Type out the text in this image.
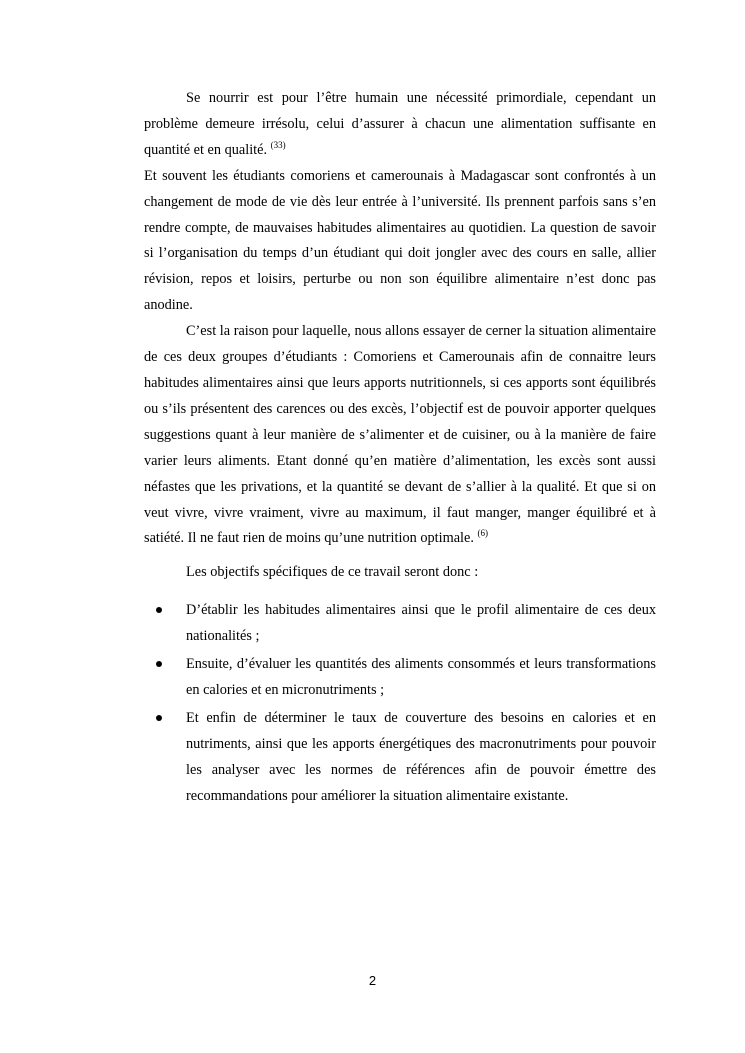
Se nourrir est pour l’être humain une nécessité primordiale, cependant un problème demeure irrésolu, celui d’assurer à chacun une alimentation suffisante en quantité et en qualité. $^{(33)}$

Et souvent les étudiants comoriens et camerounais à Madagascar sont confrontés à un changement de mode de vie dès leur entrée à l’université. Ils prennent parfois sans s’en rendre compte, de mauvaises habitudes alimentaires au quotidien. La question de savoir si l’organisation du temps d’un étudiant qui doit jongler avec des cours en salle, allier révision, repos et loisirs, perturbe ou non son équilibre alimentaire n’est donc pas anodine.

C’est la raison pour laquelle, nous allons essayer de cerner la situation alimentaire de ces deux groupes d’étudiants : Comoriens et Camerounais afin de connaitre leurs habitudes alimentaires ainsi que leurs apports nutritionnels, si ces apports sont équilibrés ou s’ils présentent des carences ou des excès, l’objectif est de pouvoir apporter quelques suggestions quant à leur manière de s’alimenter et de cuisiner, ou à la manière de faire varier leurs aliments. Etant donné qu’en matière d’alimentation, les excès sont aussi néfastes que les privations, et la quantité se devant de s’allier à la qualité. Et que si on veut vivre, vivre vraiment, vivre au maximum, il faut manger, manger équilibré et à satiété. Il ne faut rien de moins qu’une nutrition optimale. $^{(6)}$

Les objectifs spécifiques de ce travail seront donc :

D’établir les habitudes alimentaires ainsi que le profil alimentaire de ces deux nationalités ;
Ensuite, d’évaluer les quantités des aliments consommés et leurs transformations en calories et en micronutriments ;
Et enfin de déterminer le taux de couverture des besoins en calories et en nutriments, ainsi que les apports énergétiques des macronutriments pour pouvoir les analyser avec les normes de références afin de pouvoir émettre des recommandations pour améliorer la situation alimentaire existante.
2
